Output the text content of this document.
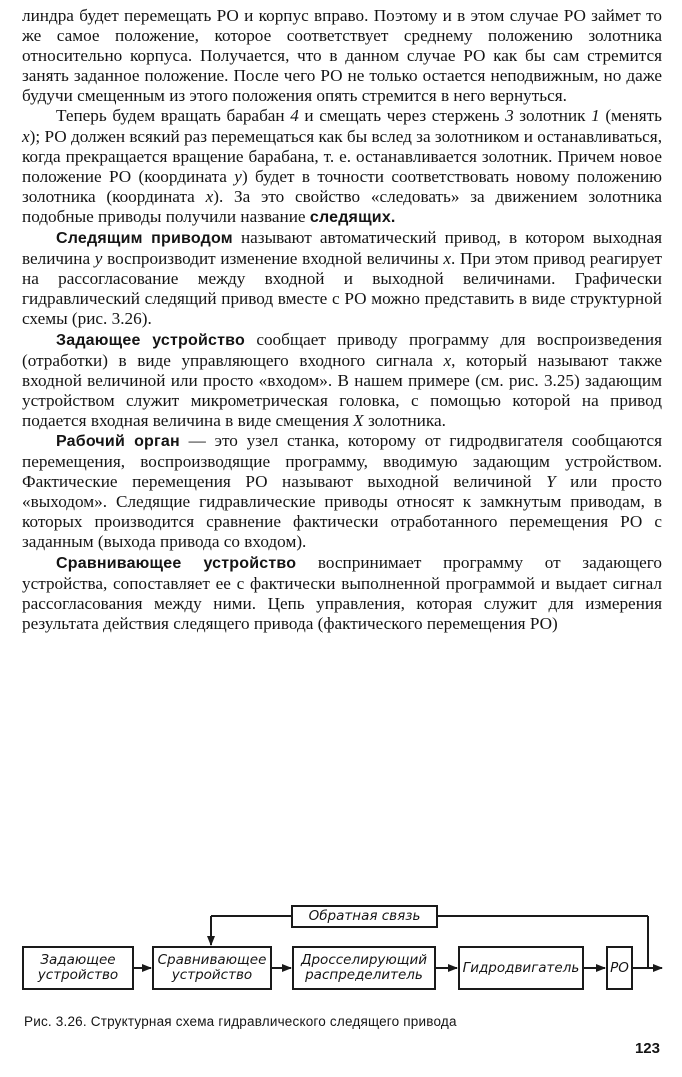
линдра будет перемещать РО и корпус вправо. Поэтому и в этом случае РО займет то же самое положение, которое соответствует среднему положению золотника относительно корпуса. Получается, что в данном случае РО как бы сам стремится занять заданное положение. После чего РО не только остается неподвижным, но даже будучи смещенным из этого положения опять стремится в него вернуться.

Теперь будем вращать барабан 4 и смещать через стержень 3 золотник 1 (менять x); РО должен всякий раз перемещаться как бы вслед за золотником и останавливаться, когда прекращается вращение барабана, т. е. останавливается золотник. Причем новое положение РО (координата y) будет в точности соответствовать новому положению золотника (координата x). За это свойство «следовать» за движением золотника подобные приводы получили название следящих.

Следящим приводом называют автоматический привод, в котором выходная величина y воспроизводит изменение входной величины x. При этом привод реагирует на рассогласование между входной и выходной величинами. Графически гидравлический следящий привод вместе с РО можно представить в виде структурной схемы (рис. 3.26).

Задающее устройство сообщает приводу программу для воспроизведения (отработки) в виде управляющего входного сигнала x, который называют также входной величиной или просто «входом». В нашем примере (см. рис. 3.25) задающим устройством служит микрометрическая головка, с помощью которой на привод подается входная величина в виде смещения X золотника.

Рабочий орган — это узел станка, которому от гидродвигателя сообщаются перемещения, воспроизводящие программу, вводимую задающим устройством. Фактические перемещения РО называют выходной величиной Y или просто «выходом». Следящие гидравлические приводы относят к замкнутым приводам, в которых производится сравнение фактически отработанного перемещения РО с заданным (выхода привода со входом).

Сравнивающее устройство воспринимает программу от задающего устройства, сопоставляет ее с фактически выполненной программой и выдает сигнал рассогласования между ними. Цепь управления, которая служит для измерения результата действия следящего привода (фактического перемещения РО)

Обратная связь
Задающее
устройство
Сравнивающее
устройство
Дросселирующий
распределитель	Гидродвигатель РО
Рис. 3.26. Структурная схема гидравлического следящего привода
123
